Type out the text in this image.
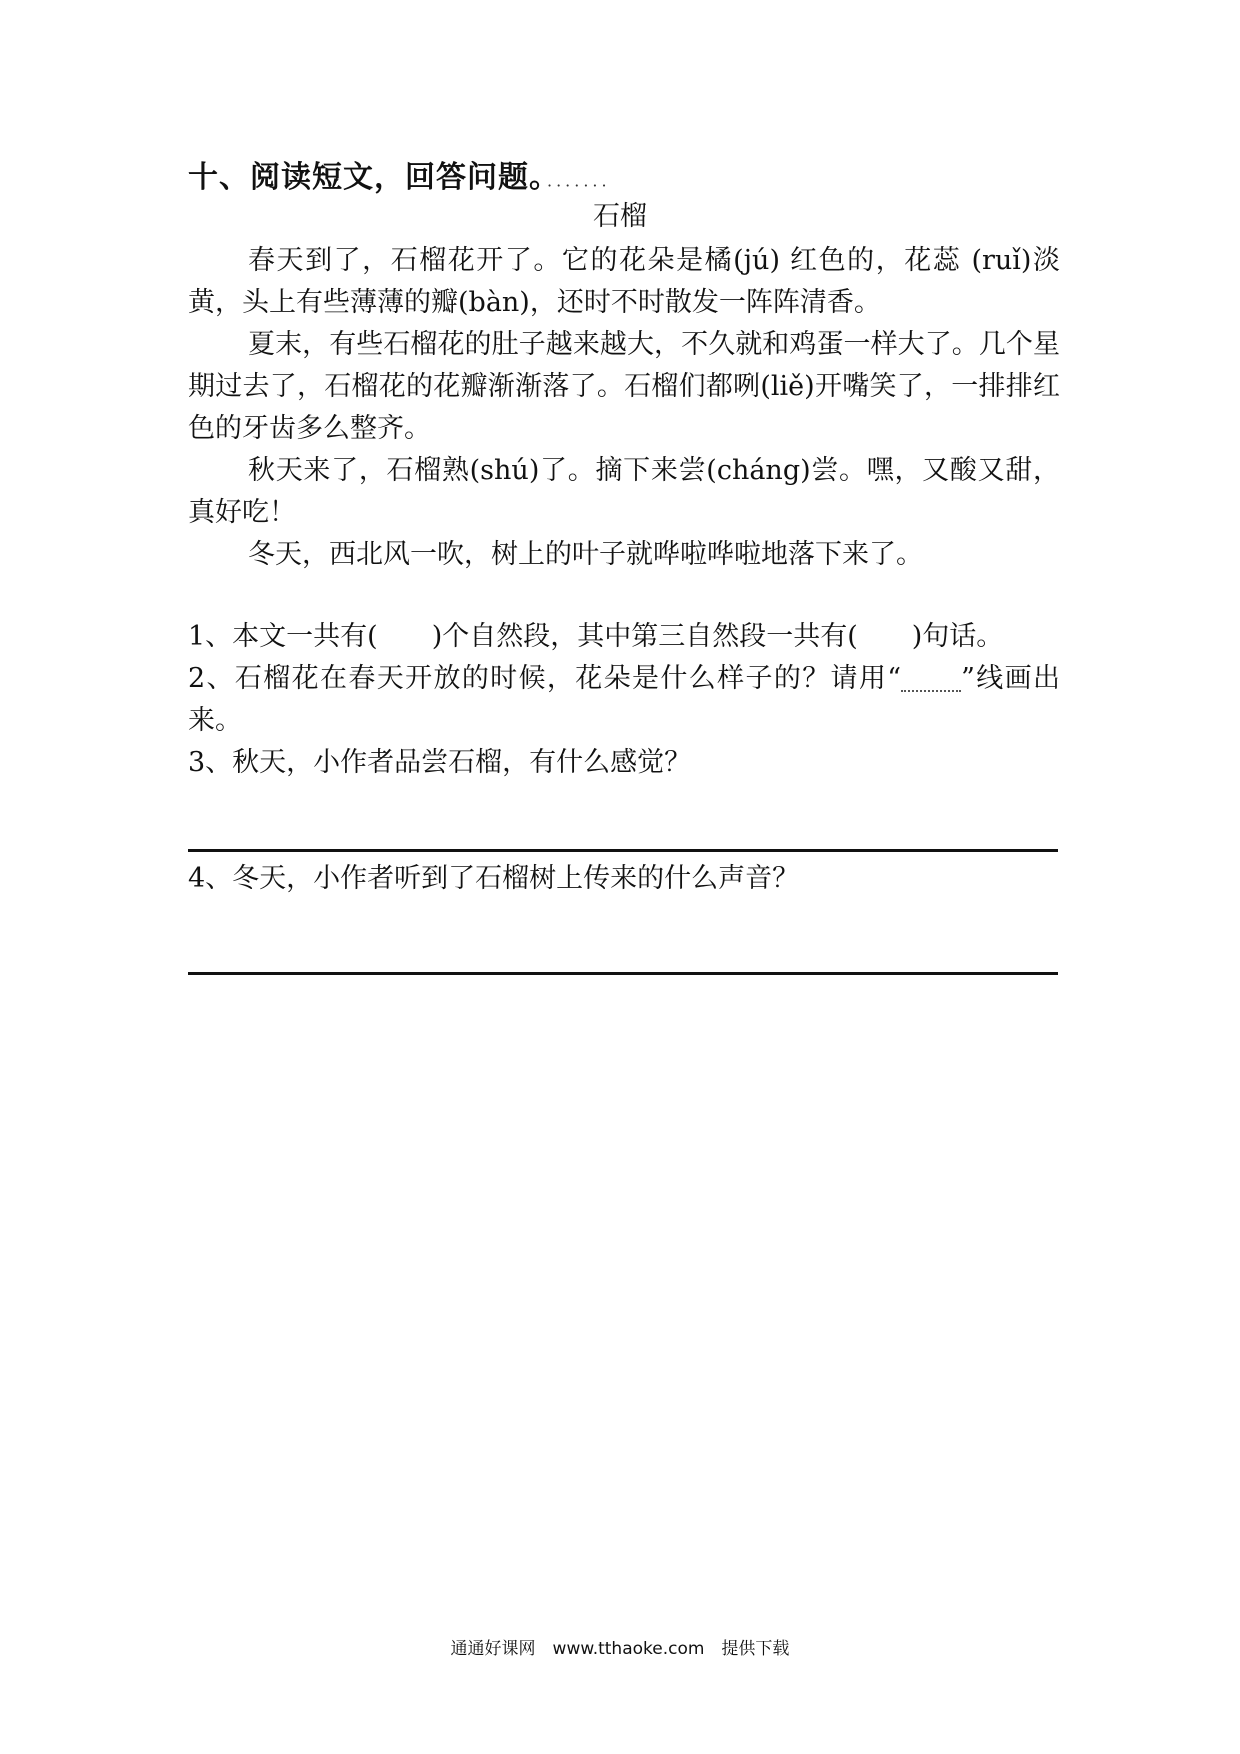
十、阅读短文，回答问题。 ·······
石榴

春天到了，石榴花开了。它的花朵是橘(jú) 红色的，花蕊 (ruǐ)淡黄，头上有些薄薄的瓣(bàn)，还时不时散发一阵阵清香。

夏末，有些石榴花的肚子越来越大，不久就和鸡蛋一样大了。几个星期过去了，石榴花的花瓣渐渐落了。石榴们都咧(liě)开嘴笑了，一排排红色的牙齿多么整齐。

秋天来了，石榴熟(shú)了。摘下来尝(cháng)尝。嘿，又酸又甜，真好吃！

冬天，西北风一吹，树上的叶子就哗啦哗啦地落下来了。

1、本文一共有(　　)个自然段，其中第三自然段一共有(　　)句话。

2、石榴花在春天开放的时候，花朵是什么样子的？请用“ ”线画出来。

3、秋天，小作者品尝石榴，有什么感觉？

4、冬天，小作者听到了石榴树上传来的什么声音？

通通好课网　www.tthaoke.com　提供下载
